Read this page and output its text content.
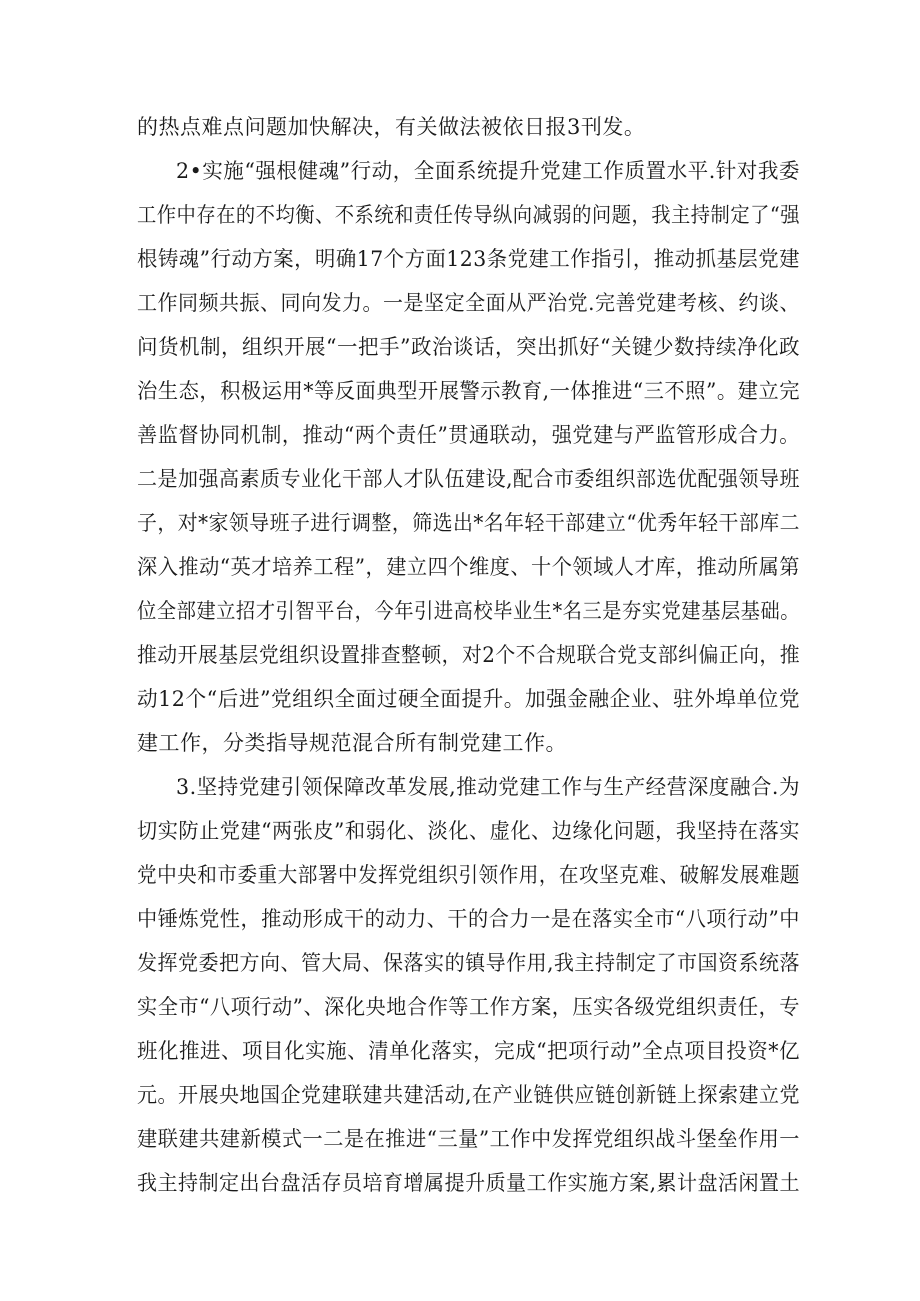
的热点难点问题加快解决，有关做法被依日报3刊发。
2•实施“强根健魂”行动，全面系统提升党建工作质置水平.针对我委
工作中存在的不均衡、不系统和责任传导纵向减弱的问题，我主持制定了“强
根铸魂”行动方案，明确17个方面123条党建工作指引，推动抓基层党建
工作同频共振、同向发力。一是坚定全面从严治党.完善党建考核、约谈、
问货机制，组织开展“一把手”政治谈话，突出抓好“关键少数持续净化政
治生态，积极运用*等反面典型开展警示教育,一体推进“三不照”。建立完
善监督协同机制，推动“两个责任”贯通联动，强党建与严监管形成合力。
二是加强高素质专业化干部人才队伍建设,配合市委组织部选优配强领导班
子，对*家领导班子进行调整，筛选出*名年轻干部建立“优秀年轻干部库二
深入推动“英才培养工程”，建立四个维度、十个领域人才库，推动所属第
位全部建立招才引智平台，今年引进高校毕业生*名三是夯实党建基层基础。
推动开展基层党组织设置排查整顿，对2个不合规联合党支部纠偏正向，推
动12个“后进”党组织全面过硬全面提升。加强金融企业、驻外埠单位党
建工作，分类指导规范混合所有制党建工作。
3.坚持党建引领保障改革发展,推动党建工作与生产经营深度融合.为
切实防止党建“两张皮”和弱化、淡化、虚化、边缘化问题，我坚持在落实
党中央和市委重大部署中发挥党组织引领作用，在攻坚克难、破解发展难题
中锤炼党性，推动形成干的动力、干的合力一是在落实全市“八项行动”中
发挥党委把方向、管大局、保落实的镇导作用,我主持制定了市国资系统落
实全市“八项行动”、深化央地合作等工作方案，压实各级党组织责任，专
班化推进、项目化实施、清单化落实，完成“把项行动”全点项目投资*亿
元。开展央地国企党建联建共建活动,在产业链供应链创新链上探索建立党
建联建共建新模式一二是在推进“三量”工作中发挥党组织战斗堡垒作用一
我主持制定出台盘活存员培育增属提升质量工作实施方案,累计盘活闲置土
